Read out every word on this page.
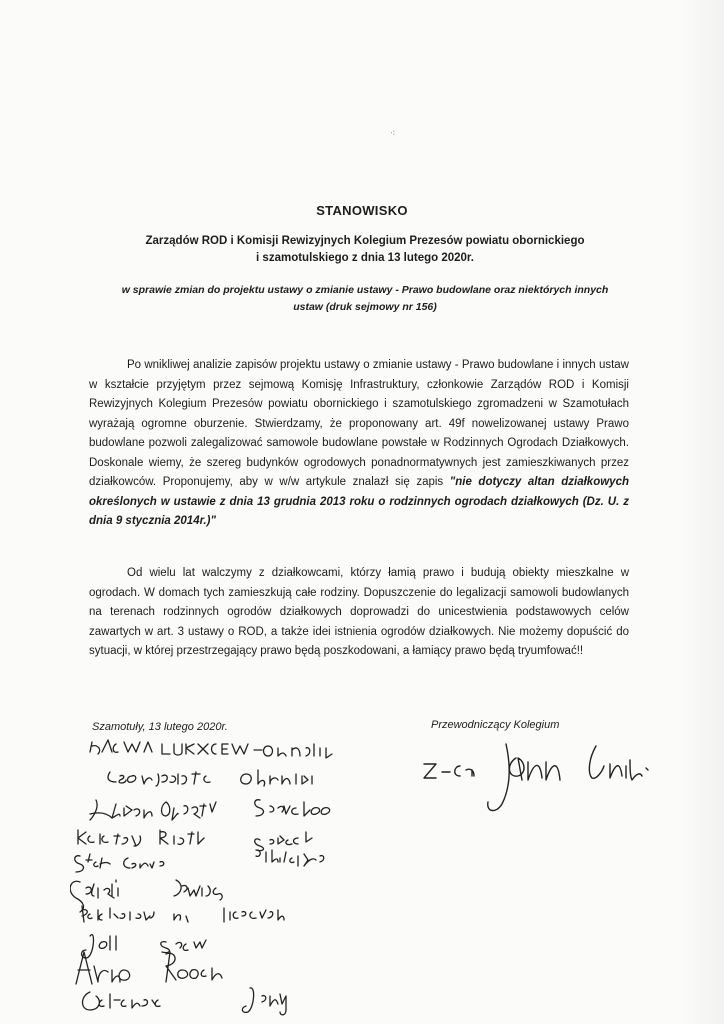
⁖
STANOWISKO
Zarządów ROD i Komisji Rewizyjnych Kolegium Prezesów powiatu obornickiego
i szamotulskiego z dnia 13 lutego 2020r.
w sprawie zmian do projektu ustawy o zmianie ustawy - Prawo budowlane oraz niektórych innych
ustaw (druk sejmowy nr 156)
Po wnikliwej analizie zapisów projektu ustawy o zmianie ustawy - Prawo budowlane i innych ustaw w kształcie przyjętym przez sejmową Komisję Infrastruktury, członkowie Zarządów ROD i Komisji Rewizyjnych Kolegium Prezesów powiatu obornickiego i szamotulskiego zgromadzeni w Szamotułach wyrażają ogromne oburzenie. Stwierdzamy, że proponowany art. 49f nowelizowanej ustawy Prawo budowlane pozwoli zalegalizować samowole budowlane powstałe w Rodzinnych Ogrodach Działkowych. Doskonale wiemy, że szereg budynków ogrodowych ponadnormatywnych jest zamieszkiwanych przez działkowców. Proponujemy, aby w w/w artykule znalazł się zapis "nie dotyczy altan działkowych określonych w ustawie z dnia 13 grudnia 2013 roku o rodzinnych ogrodach działkowych (Dz. U. z dnia 9 stycznia 2014r.)"
Od wielu lat walczymy z działkowcami, którzy łamią prawo i budują obiekty mieszkalne w ogrodach. W domach tych zamieszkują całe rodziny. Dopuszczenie do legalizacji samowoli budowlanych na terenach rodzinnych ogrodów działkowych doprowadzi do unicestwienia podstawowych celów zawartych w art. 3 ustawy o ROD, a także idei istnienia ogrodów działkowych. Nie możemy dopuścić do sytuacji, w której przestrzegający prawo będą poszkodowani, a łamiący prawo będą tryumfować!!
Szamotuły, 13 lutego 2020r.	Przewodniczący Kolegium
